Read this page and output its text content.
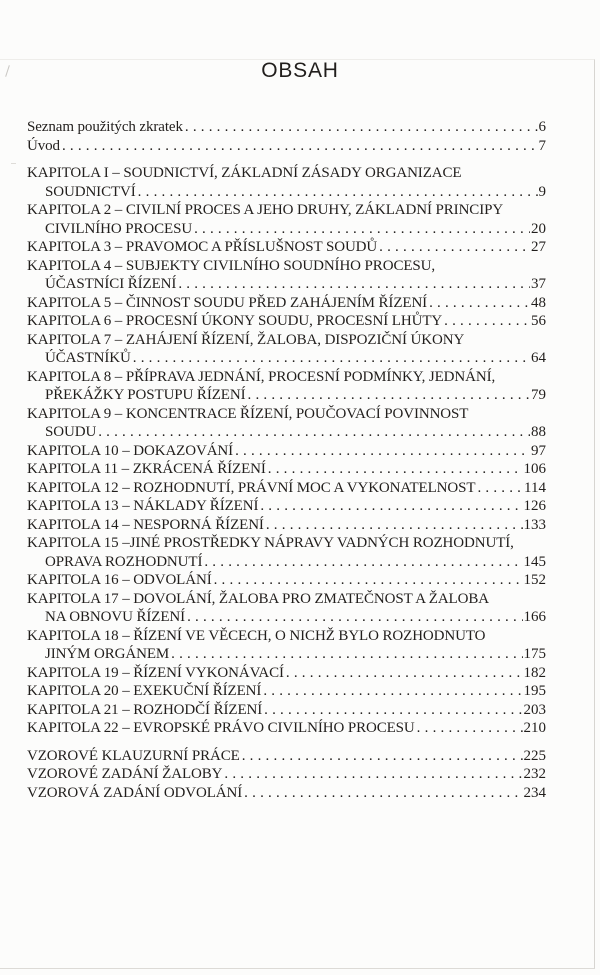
OBSAH
Seznam použitých zkratek .....	6
Úvod .....	7
KAPITOLA I – SOUDNICTVÍ, ZÁKLADNÍ ZÁSADY ORGANIZACE
SOUDNICTVÍ .....	9
KAPITOLA 2 – CIVILNÍ PROCES A JEHO DRUHY, ZÁKLADNÍ PRINCIPY
CIVILNÍHO PROCESU .....	20
KAPITOLA 3 – PRAVOMOC A PŘÍSLUŠNOST SOUDŮ .....	27
KAPITOLA 4 – SUBJEKTY CIVILNÍHO SOUDNÍHO PROCESU,
ÚČASTNÍCI ŘÍZENÍ .....	37
KAPITOLA 5 – ČINNOST SOUDU PŘED ZAHÁJENÍM ŘÍZENÍ .....	48
KAPITOLA 6 – PROCESNÍ ÚKONY SOUDU, PROCESNÍ LHŮTY .....	56
KAPITOLA 7 – ZAHÁJENÍ ŘÍZENÍ, ŽALOBA, DISPOZIČNÍ ÚKONY
ÚČASTNÍKŮ .....	64
KAPITOLA 8 – PŘÍPRAVA JEDNÁNÍ, PROCESNÍ PODMÍNKY, JEDNÁNÍ,
PŘEKÁŽKY POSTUPU ŘÍZENÍ .....	79
KAPITOLA 9 – KONCENTRACE ŘÍZENÍ, POUČOVACÍ POVINNOST
SOUDU .....	88
KAPITOLA 10 – DOKAZOVÁNÍ .....	97
KAPITOLA 11 – ZKRÁCENÁ ŘÍZENÍ .....	106
KAPITOLA 12 – ROZHODNUTÍ, PRÁVNÍ MOC A VYKONATELNOST .....	114
KAPITOLA 13 – NÁKLADY ŘÍZENÍ .....	126
KAPITOLA 14 – NESPORNÁ ŘÍZENÍ .....	133
KAPITOLA 15 –JINÉ PROSTŘEDKY NÁPRAVY VADNÝCH ROZHODNUTÍ,
OPRAVA ROZHODNUTÍ .....	145
KAPITOLA 16 – ODVOLÁNÍ .....	152
KAPITOLA 17 – DOVOLÁNÍ, ŽALOBA PRO ZMATEČNOST A ŽALOBA
NA OBNOVU ŘÍZENÍ .....	166
KAPITOLA 18 – ŘÍZENÍ VE VĚCECH, O NICHŽ BYLO ROZHODNUTO
JINÝM ORGÁNEM .....	175
KAPITOLA 19 – ŘÍZENÍ VYKONÁVACÍ .....	182
KAPITOLA 20 – EXEKUČNÍ ŘÍZENÍ .....	195
KAPITOLA 21 – ROZHODČÍ ŘÍZENÍ .....	203
KAPITOLA 22 – EVROPSKÉ PRÁVO CIVILNÍHO PROCESU .....	210
VZOROVÉ KLAUZURNÍ PRÁCE .....	225
VZOROVÉ ZADÁNÍ ŽALOBY .....	232
VZOROVÁ ZADÁNÍ ODVOLÁNÍ .....	234
